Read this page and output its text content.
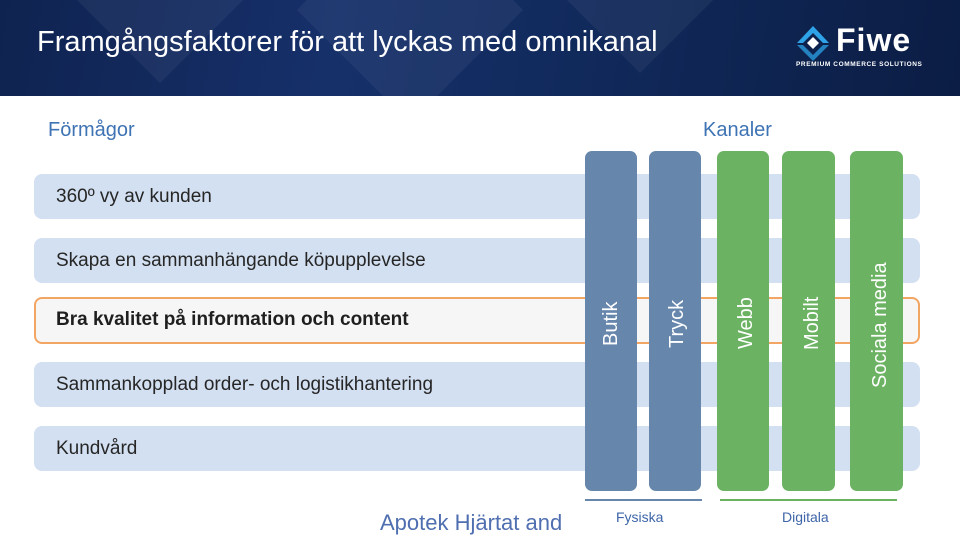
Framgångsfaktorer för att lyckas med omnikanal	Fiwe
PREMIUM COMMERCE SOLUTIONS
Förmågor	Kanaler
360º vy av kunden
Skapa en sammanhängande köpupplevelse
Bra kvalitet på information och content
Sammankopplad order- och logistikhantering
Kundvård
Butik Tryck Webb Mobilt Sociala media
Fysiska	Digitala
Apotek Hjärtat and
